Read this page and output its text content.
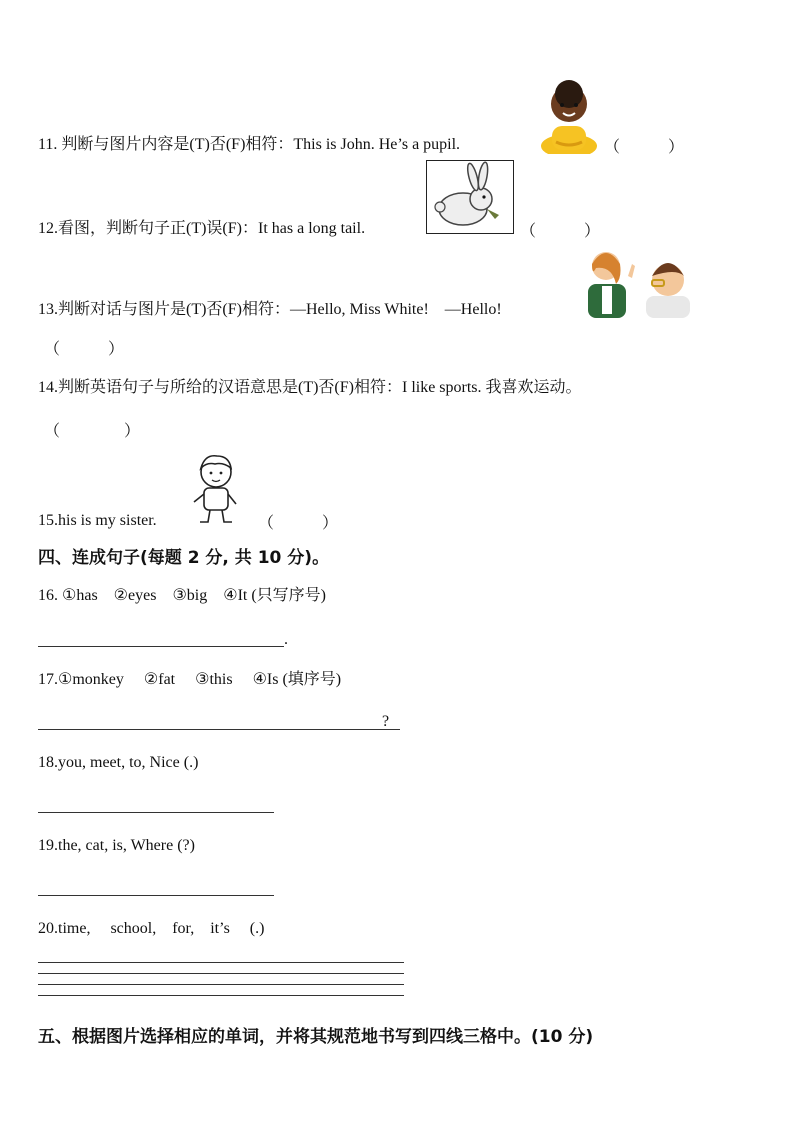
11. 判断与图片内容是(T)否(F)相符：This is John. He’s a pupil.	（　　　）
12.看图，判断句子正(T)误(F)：It has a long tail.	（　　　）
13.判断对话与图片是(T)否(F)相符：—Hello, Miss White!　—Hello!
（　　　）
14.判断英语句子与所给的汉语意思是(T)否(F)相符：I like sports. 我喜欢运动。
（　　　　）
15.his is my sister.	（　　　）
四、连成句子(每题 2 分, 共 10 分)。
16. ①has　②eyes　③big　④It (只写序号)
.
17.①monkey　 ②fat　 ③this　 ④Is (填序号)
?
18.you, meet, to, Nice (.)
19.the, cat, is, Where (?)
20.time,　 school,　for,　it’s　 (.)
五、根据图片选择相应的单词，并将其规范地书写到四线三格中。(10 分)
